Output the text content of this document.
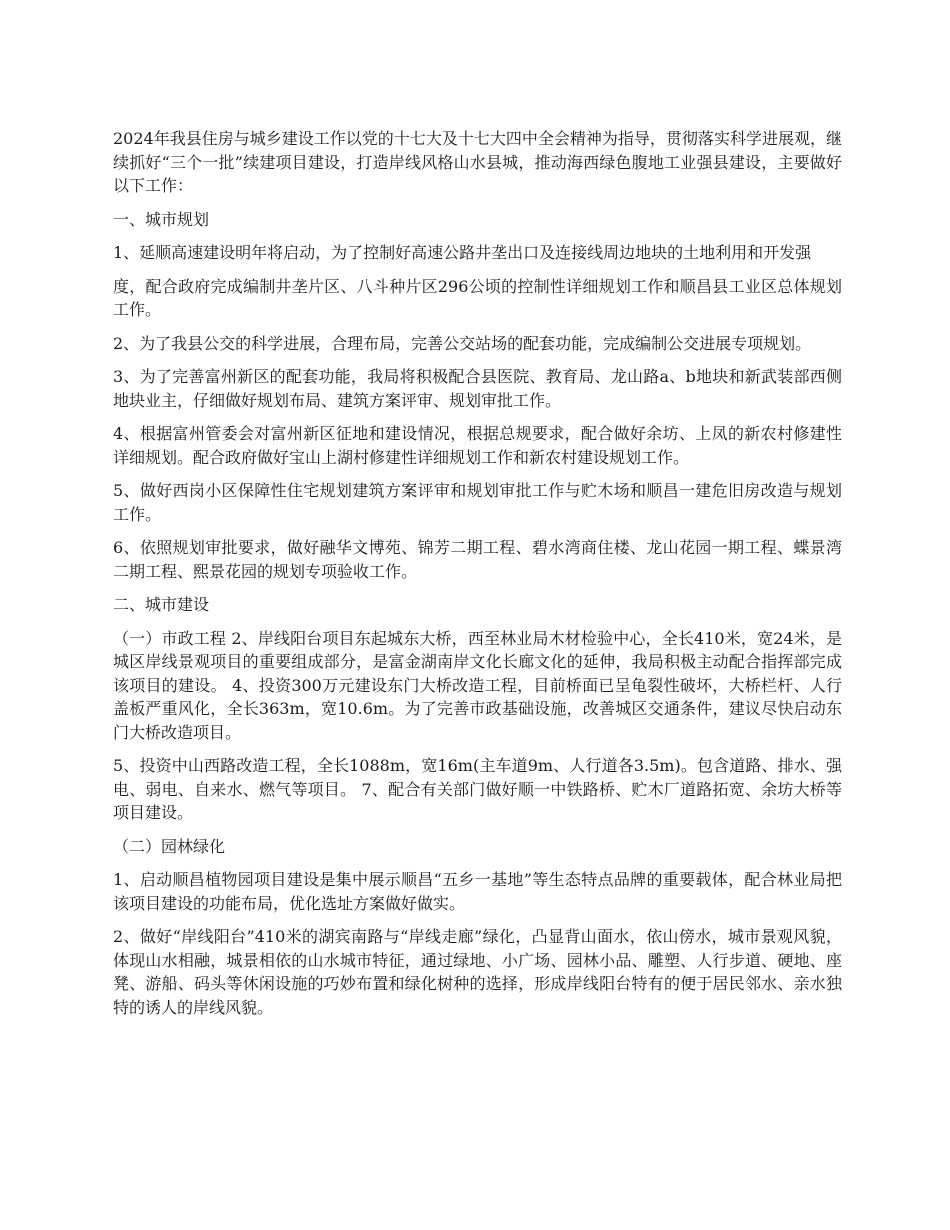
2024年我县住房与城乡建设工作以党的十七大及十七大四中全会精神为指导，贯彻落实科学进展观，继续抓好“三个一批”续建项目建设，打造岸线风格山水县城，推动海西绿色腹地工业强县建设，主要做好以下工作：

一、城市规划

1、延顺高速建设明年将启动，为了控制好高速公路井垄出口及连接线周边地块的土地利用和开发强

度，配合政府完成编制井垄片区、八斗种片区296公顷的控制性详细规划工作和顺昌县工业区总体规划工作。

2、为了我县公交的科学进展，合理布局，完善公交站场的配套功能，完成编制公交进展专项规划。

3、为了完善富州新区的配套功能，我局将积极配合县医院、教育局、龙山路a、b地块和新武装部西侧地块业主，仔细做好规划布局、建筑方案评审、规划审批工作。

4、根据富州管委会对富州新区征地和建设情况，根据总规要求，配合做好余坊、上凤的新农村修建性详细规划。配合政府做好宝山上湖村修建性详细规划工作和新农村建设规划工作。

5、做好西岗小区保障性住宅规划建筑方案评审和规划审批工作与贮木场和顺昌一建危旧房改造与规划工作。

6、依照规划审批要求，做好融华文博苑、锦芳二期工程、碧水湾商住楼、龙山花园一期工程、蝶景湾二期工程、熙景花园的规划专项验收工作。

二、城市建设

（一）市政工程 2、岸线阳台项目东起城东大桥，西至林业局木材检验中心，全长410米，宽24米，是城区岸线景观项目的重要组成部分，是富金湖南岸文化长廊文化的延伸，我局积极主动配合指挥部完成该项目的建设。 4、投资300万元建设东门大桥改造工程，目前桥面已呈龟裂性破坏，大桥栏杆、人行盖板严重风化，全长363m，宽10.6m。为了完善市政基础设施，改善城区交通条件，建议尽快启动东门大桥改造项目。

5、投资中山西路改造工程，全长1088m，宽16m(主车道9m、人行道各3.5m)。包含道路、排水、强电、弱电、自来水、燃气等项目。 7、配合有关部门做好顺一中铁路桥、贮木厂道路拓宽、余坊大桥等项目建设。

（二）园林绿化

1、启动顺昌植物园项目建设是集中展示顺昌“五乡一基地”等生态特点品牌的重要载体，配合林业局把该项目建设的功能布局，优化选址方案做好做实。

2、做好“岸线阳台”410米的湖宾南路与“岸线走廊”绿化，凸显背山面水，依山傍水，城市景观风貌，体现山水相融，城景相依的山水城市特征，通过绿地、小广场、园林小品、雕塑、人行步道、硬地、座凳、游船、码头等休闲设施的巧妙布置和绿化树种的选择，形成岸线阳台特有的便于居民邻水、亲水独特的诱人的岸线风貌。
